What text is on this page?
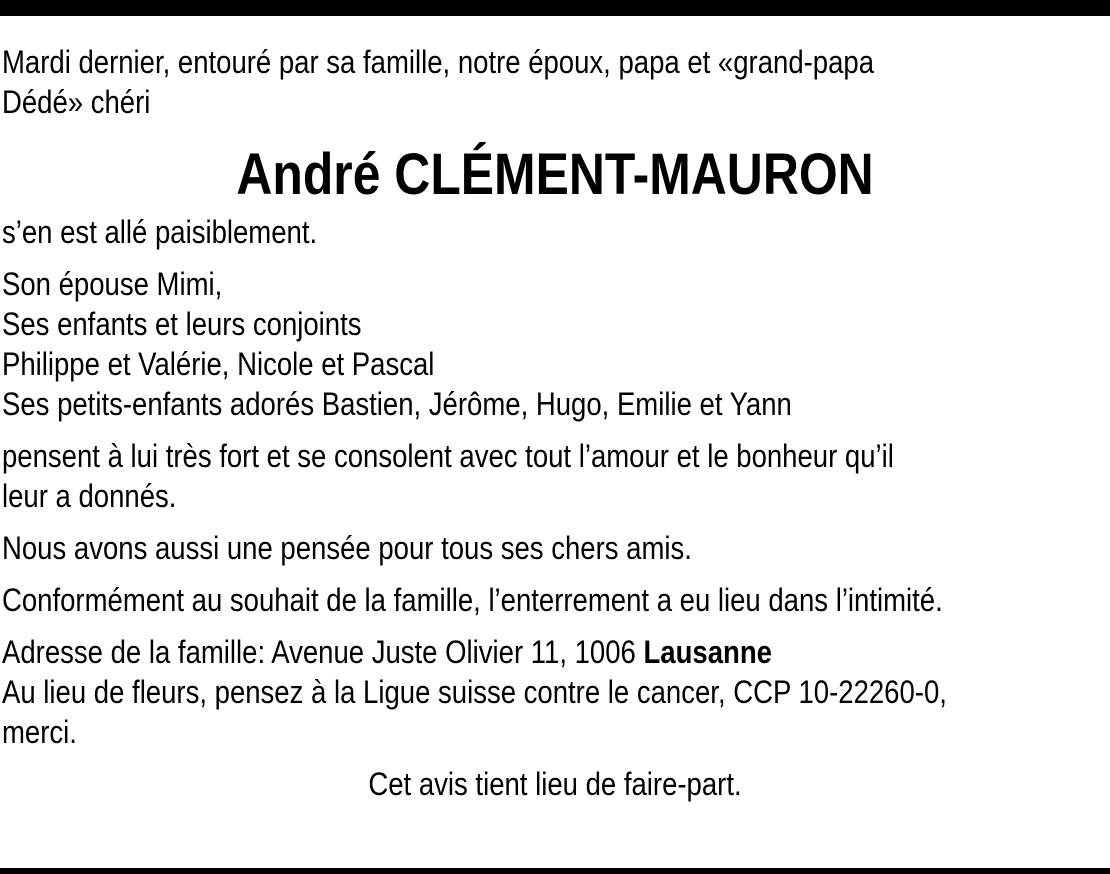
Mardi dernier, entouré par sa famille, notre époux, papa et «grand-papa
Dédé» chéri
André CLÉMENT-MAURON
s’en est allé paisiblement.
Son épouse Mimi,
Ses enfants et leurs conjoints
Philippe et Valérie, Nicole et Pascal
Ses petits-enfants adorés Bastien, Jérôme, Hugo, Emilie et Yann
pensent à lui très fort et se consolent avec tout l’amour et le bonheur qu’il
leur a donnés.
Nous avons aussi une pensée pour tous ses chers amis.
Conformément au souhait de la famille, l’enterrement a eu lieu dans l’intimité.
Adresse de la famille: Avenue Juste Olivier 11, 1006 Lausanne
Au lieu de fleurs, pensez à la Ligue suisse contre le cancer, CCP 10-22260-0,
merci.
Cet avis tient lieu de faire-part.
